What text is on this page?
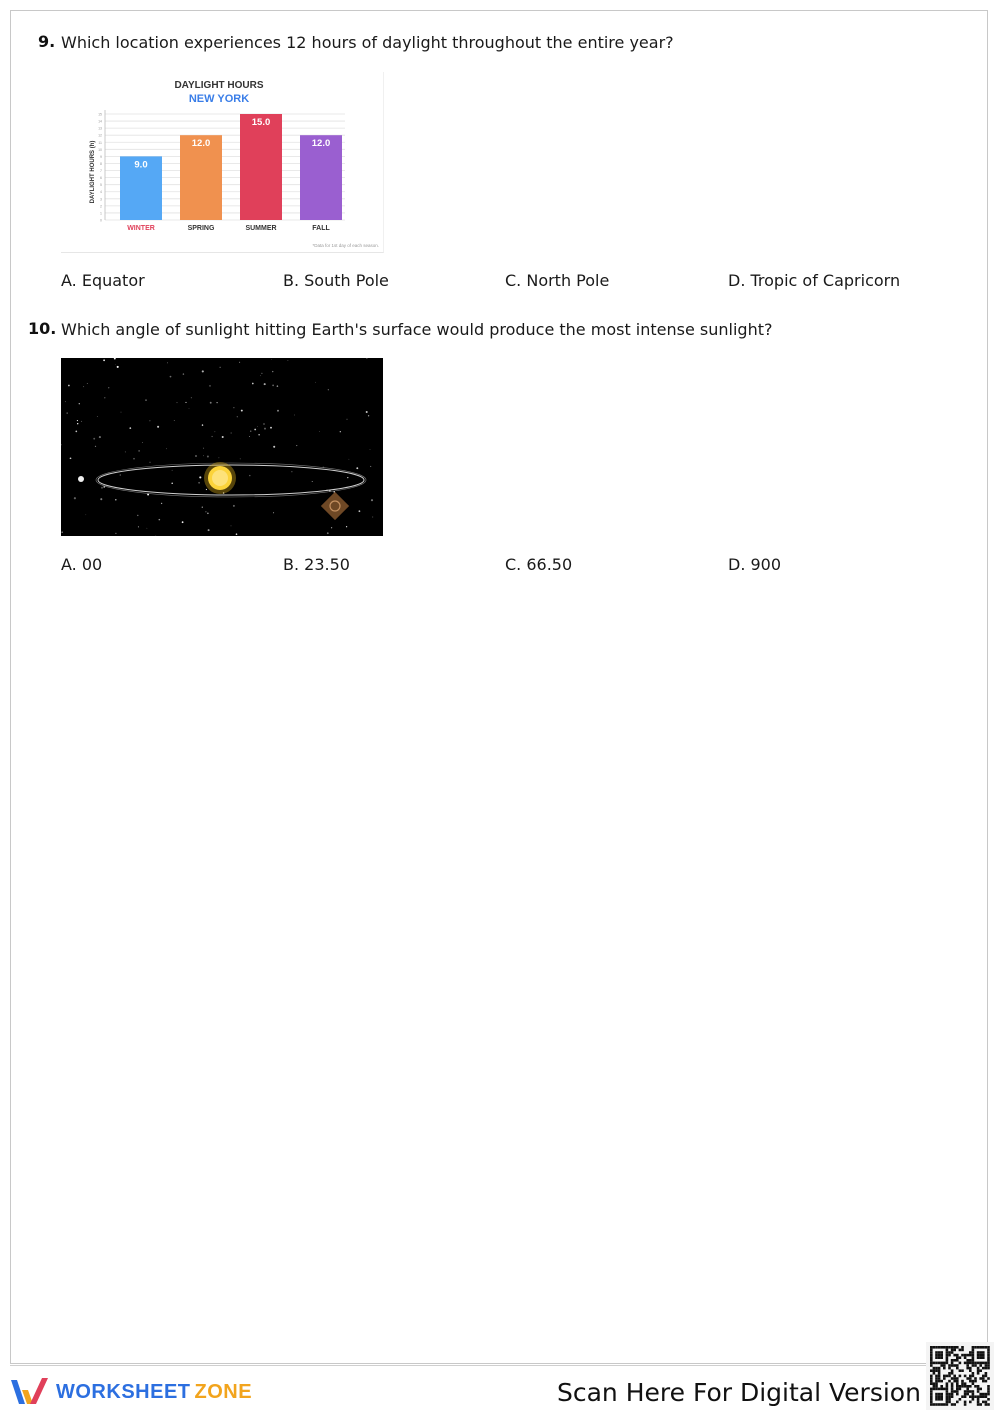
9. Which location experiences 12 hours of daylight throughout the entire year?
DAYLIGHT HOURS
NEW YORK
DAYLIGHT HOURS (h)
0
1
2
3
4
5
6
7
8
9
10
11
12
13
14
15
9.0
WINTER
12.0
SPRING
15.0
SUMMER
12.0
FALL
*Data for 1st day of each season.
A. Equator	B. South Pole	C. North Pole	D. Tropic of Capricorn
10. Which angle of sunlight hitting Earth's surface would produce the most intense sunlight?
A. 00	B. 23.50	C. 66.50	D. 900
WORKSHEET ZONE	Scan Here For Digital Version
